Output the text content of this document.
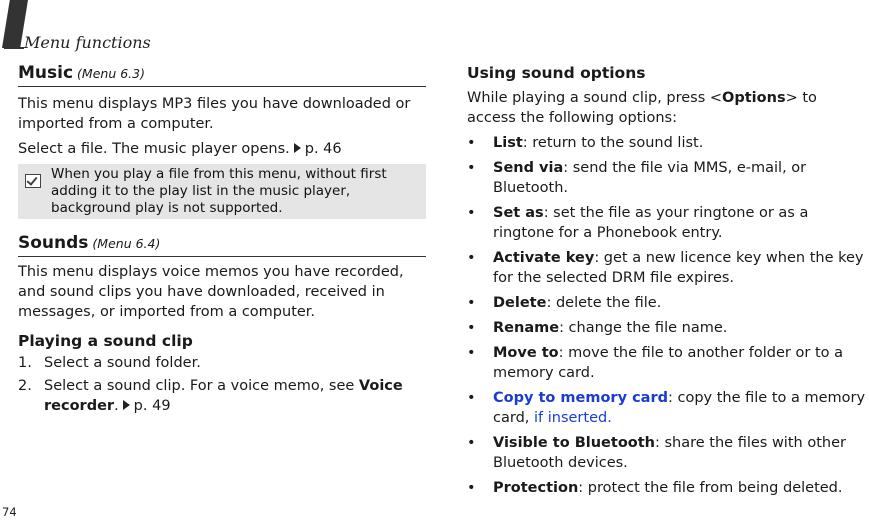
Menu functions
Music (Menu 6.3)

This menu displays MP3 files you have downloaded or imported from a computer.

Select a file. The music player opens. p. 46

When you play a file from this menu, without first adding it to the play list in the music player, background play is not supported.
Sounds (Menu 6.4)

This menu displays voice memos you have recorded, and sound clips you have downloaded, received in messages, or imported from a computer.

Playing a sound clip
1. Select a sound folder.
2. Select a sound clip. For a voice memo, see Voice recorder. p. 49
Using sound options

While playing a sound clip, press <Options> to access the following options:

• List: return to the sound list.
• Send via: send the file via MMS, e-mail, or Bluetooth.
• Set as: set the file as your ringtone or as a ringtone for a Phonebook entry.
• Activate key: get a new licence key when the key for the selected DRM file expires.
• Delete: delete the file.
• Rename: change the file name.
• Move to: move the file to another folder or to a memory card.
• Copy to memory card: copy the file to a memory card, if inserted.
• Visible to Bluetooth: share the files with other Bluetooth devices.
• Protection: protect the file from being deleted.
74
